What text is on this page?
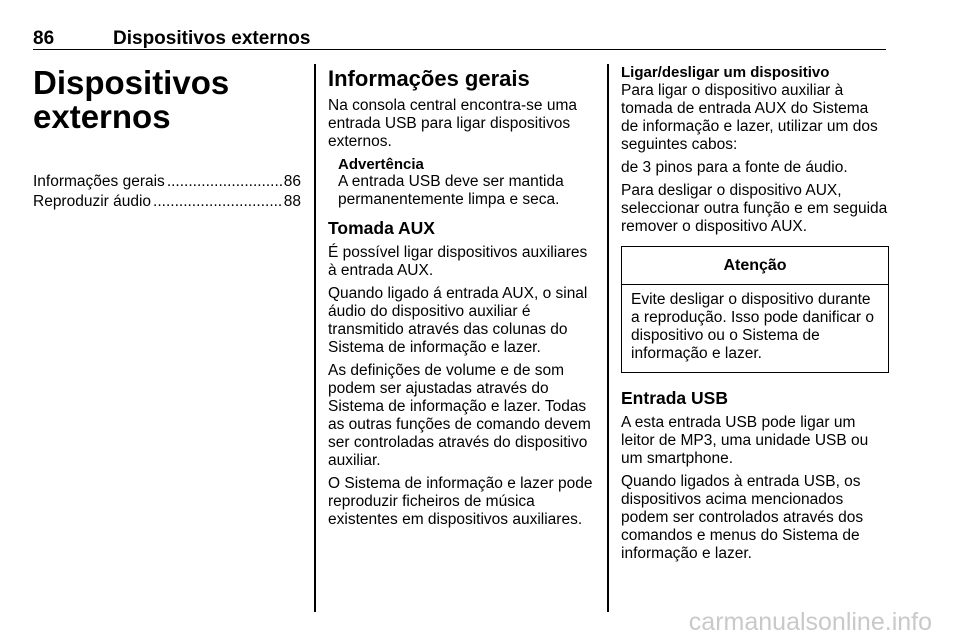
86	Dispositivos externos
Dispositivos externos
Informações gerais .....	86
Reproduzir áudio .....	88
Informações gerais

Na consola central encontra-se uma entrada USB para ligar dispositivos externos.

Advertência
A entrada USB deve ser mantida permanentemente limpa e seca.
Tomada AUX

É possível ligar dispositivos auxiliares à entrada AUX.

Quando ligado á entrada AUX, o sinal áudio do dispositivo auxiliar é transmitido através das colunas do Sistema de informação e lazer.

As definições de volume e de som podem ser ajustadas através do Sistema de informação e lazer. Todas as outras funções de comando devem ser controladas através do dispositivo auxiliar.

O Sistema de informação e lazer pode reproduzir ficheiros de música existentes em dispositivos auxiliares.

Ligar/desligar um dispositivo

Para ligar o dispositivo auxiliar à tomada de entrada AUX do Sistema de informação e lazer, utilizar um dos seguintes cabos:

de 3 pinos para a fonte de áudio.

Para desligar o dispositivo AUX, seleccionar outra função e em seguida remover o dispositivo AUX.

Atenção

Evite desligar o dispositivo durante a reprodução. Isso pode danificar o dispositivo ou o Sistema de informação e lazer.

Entrada USB

A esta entrada USB pode ligar um leitor de MP3, uma unidade USB ou um smartphone.

Quando ligados à entrada USB, os dispositivos acima mencionados podem ser controlados através dos comandos e menus do Sistema de informação e lazer.

carmanualsonline.info
